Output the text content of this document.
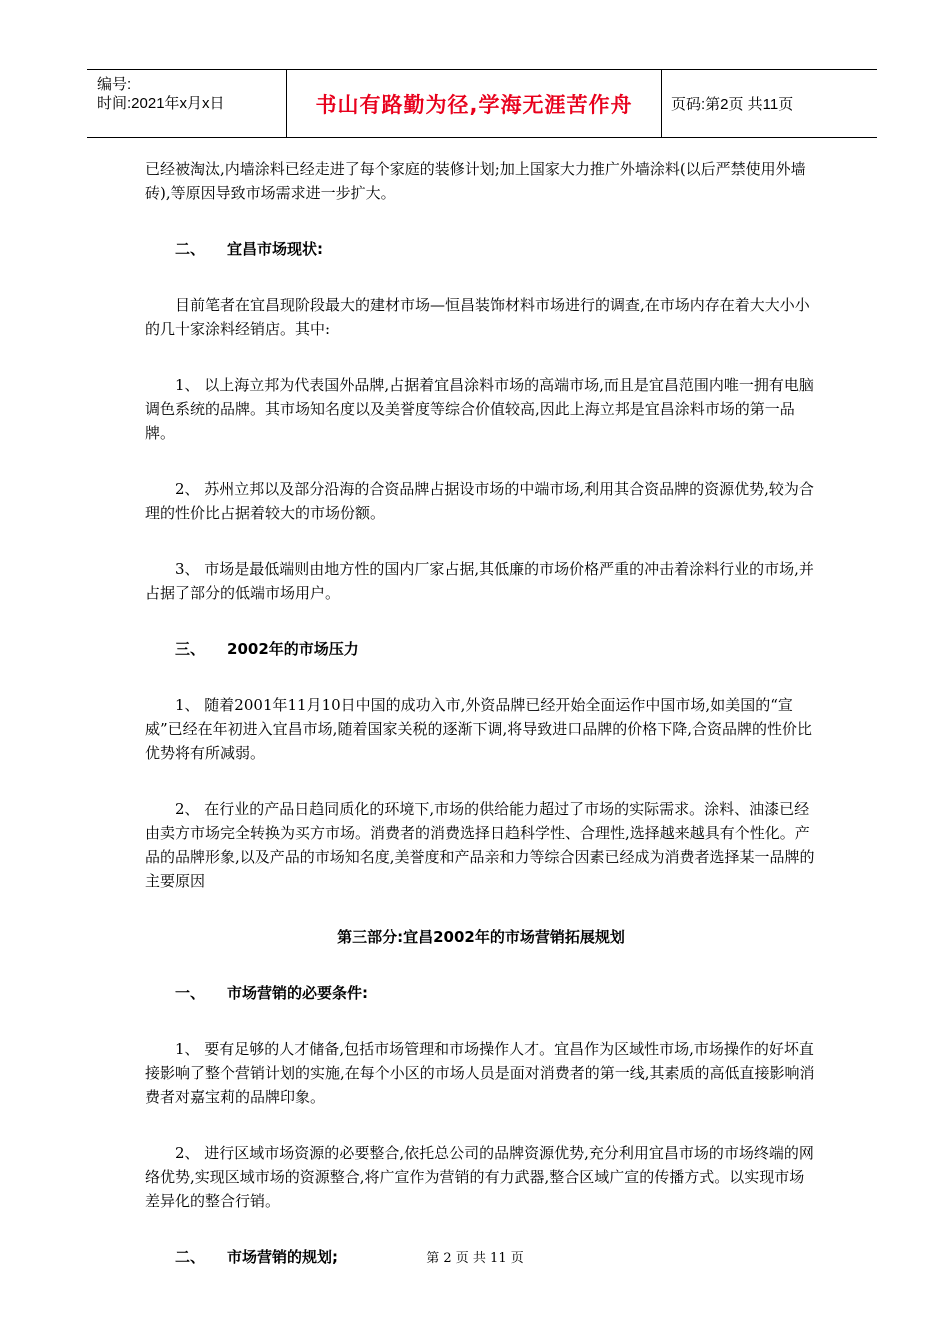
编号:
时间:2021年x月x日	书山有路勤为径,学海无涯苦作舟	页码:第2页 共11页

已经被淘汰,内墙涂料已经走进了每个家庭的装修计划;加上国家大力推广外墙涂料(以后严禁使用外墙砖),等原因导致市场需求进一步扩大。

二、 宜昌市场现状:

目前笔者在宜昌现阶段最大的建材市场—恒昌装饰材料市场进行的调查,在市场内存在着大大小小的几十家涂料经销店。其中:

1、 以上海立邦为代表国外品牌,占据着宜昌涂料市场的高端市场,而且是宜昌范围内唯一拥有电脑调色系统的品牌。其市场知名度以及美誉度等综合价值较高,因此上海立邦是宜昌涂料市场的第一品牌。

2、 苏州立邦以及部分沿海的合资品牌占据设市场的中端市场,利用其合资品牌的资源优势,较为合理的性价比占据着较大的市场份额。

3、 市场是最低端则由地方性的国内厂家占据,其低廉的市场价格严重的冲击着涂料行业的市场,并占据了部分的低端市场用户。

三、 2002年的市场压力

1、 随着2001年11月10日中国的成功入市,外资品牌已经开始全面运作中国市场,如美国的“宣威”已经在年初进入宜昌市场,随着国家关税的逐渐下调,将导致进口品牌的价格下降,合资品牌的性价比优势将有所减弱。

2、 在行业的产品日趋同质化的环境下,市场的供给能力超过了市场的实际需求。涂料、油漆已经由卖方市场完全转换为买方市场。消费者的消费选择日趋科学性、合理性,选择越来越具有个性化。产品的品牌形象,以及产品的市场知名度,美誉度和产品亲和力等综合因素已经成为消费者选择某一品牌的主要原因

第三部分:宜昌2002年的市场营销拓展规划

一、 市场营销的必要条件:

1、 要有足够的人才储备,包括市场管理和市场操作人才。宜昌作为区域性市场,市场操作的好坏直接影响了整个营销计划的实施,在每个小区的市场人员是面对消费者的第一线,其素质的高低直接影响消费者对嘉宝莉的品牌印象。

2、 进行区域市场资源的必要整合,依托总公司的品牌资源优势,充分利用宜昌市场的市场终端的网络优势,实现区域市场的资源整合,将广宣作为营销的有力武器,整合区域广宣的传播方式。以实现市场差异化的整合行销。

二、 市场营销的规划;	第 2 页 共 11 页
